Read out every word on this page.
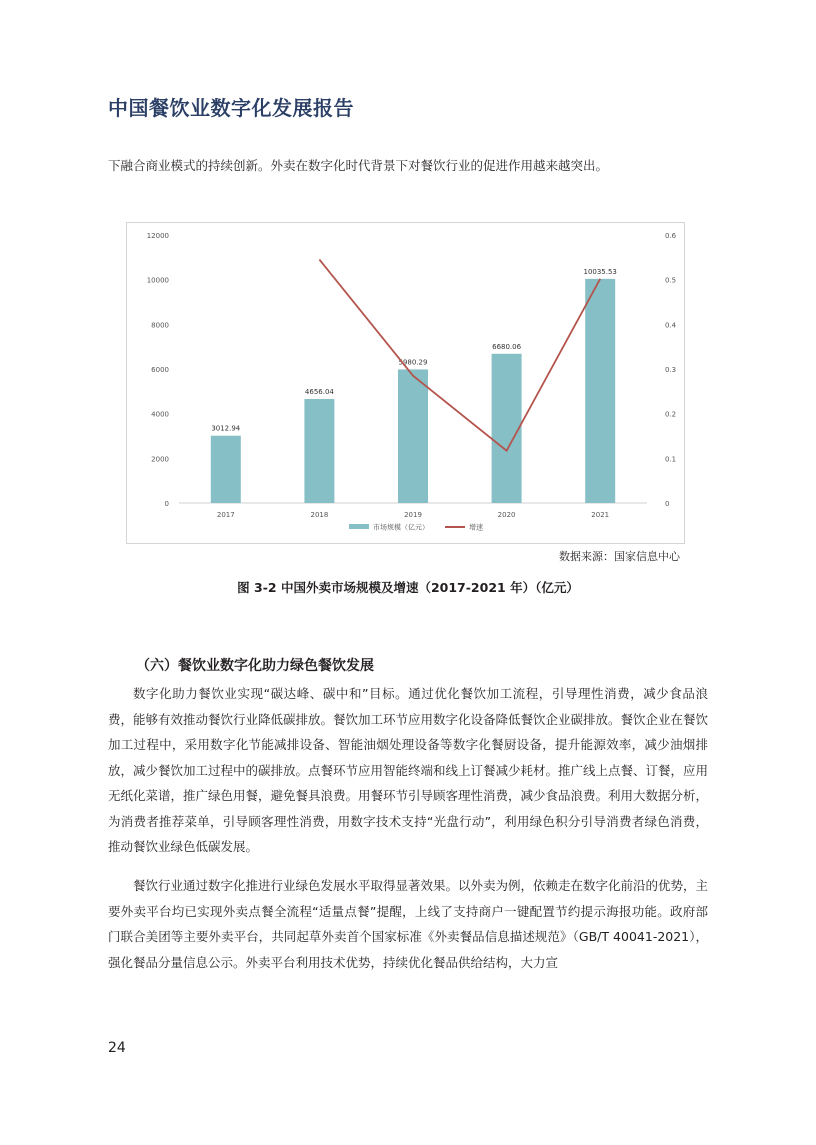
中国餐饮业数字化发展报告
下融合商业模式的持续创新。外卖在数字化时代背景下对餐饮行业的促进作用越来越突出。
0
2000
4000
6000
8000
10000
12000
0
0.1
0.2
0.3
0.4
0.5
0.6
3012.94
4656.04
5980.29
6680.06
10035.53
2017	2018	2019	2020	2021
市场规模（亿元）	增速
数据来源：国家信息中心
图 3-2 中国外卖市场规模及增速（2017-2021 年）（亿元）
（六）餐饮业数字化助力绿色餐饮发展
数字化助力餐饮业实现“碳达峰、碳中和”目标。通过优化餐饮加工流程，引导理性消费，减少食品浪费，能够有效推动餐饮行业降低碳排放。餐饮加工环节应用数字化设备降低餐饮企业碳排放。餐饮企业在餐饮加工过程中，采用数字化节能减排设备、智能油烟处理设备等数字化餐厨设备，提升能源效率，减少油烟排放，减少餐饮加工过程中的碳排放。点餐环节应用智能终端和线上订餐减少耗材。推广线上点餐、订餐，应用无纸化菜谱，推广绿色用餐，避免餐具浪费。用餐环节引导顾客理性消费，减少食品浪费。利用大数据分析，为消费者推荐菜单，引导顾客理性消费，用数字技术支持“光盘行动”，利用绿色积分引导消费者绿色消费，推动餐饮业绿色低碳发展。
餐饮行业通过数字化推进行业绿色发展水平取得显著效果。以外卖为例，依赖走在数字化前沿的优势，主要外卖平台均已实现外卖点餐全流程“适量点餐”提醒，上线了支持商户一键配置节约提示海报功能。政府部门联合美团等主要外卖平台，共同起草外卖首个国家标准《外卖餐品信息描述规范》（GB/T 40041-2021），强化餐品分量信息公示。外卖平台利用技术优势，持续优化餐品供给结构，大力宣
24
